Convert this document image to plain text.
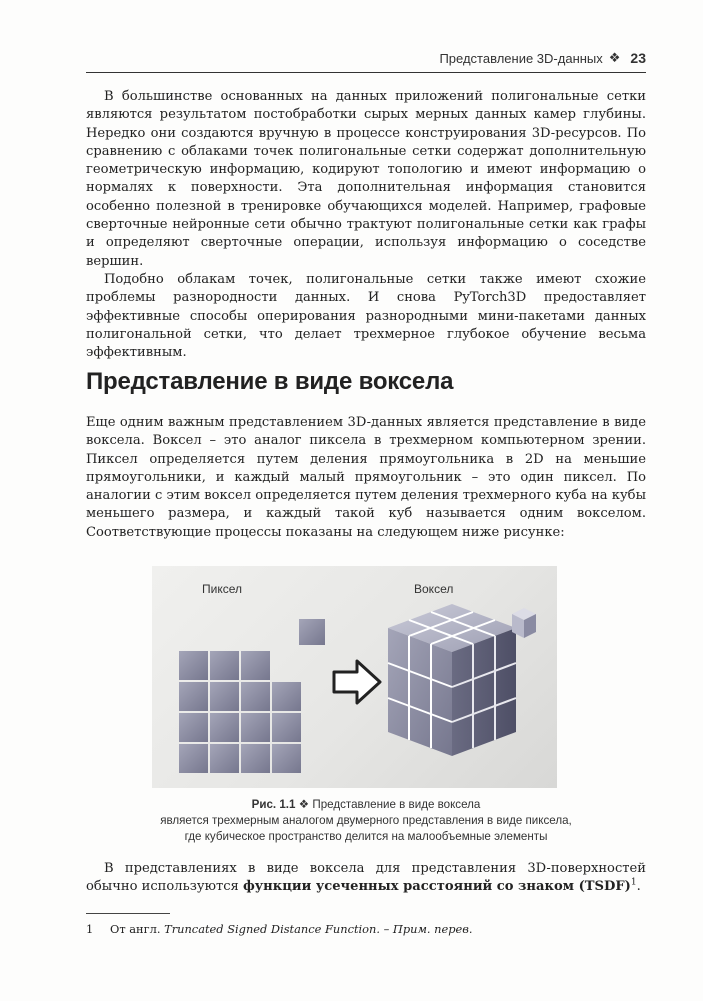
Представление 3D-данных ❖ 23

В большинстве основанных на данных приложений полигональные сетки являются результатом постобработки сырых мерных данных камер глубины. Нередко они создаются вручную в процессе конструирования 3D-ресурсов. По сравнению с облаками точек полигональные сетки содержат дополнительную геометрическую информацию, кодируют топологию и имеют информацию о нормалях к поверхности. Эта дополнительная информация становится особенно полезной в тренировке обучающихся моделей. Например, графовые сверточные нейронные сети обычно трактуют полигональные сетки как графы и определяют сверточные операции, используя информацию о соседстве вершин.

Подобно облакам точек, полигональные сетки также имеют схожие проблемы разнородности данных. И снова PyTorch3D предоставляет эффективные способы оперирования разнородными мини-пакетами данных полигональной сетки, что делает трехмерное глубокое обучение весьма эффективным.

Представление в виде воксела

Еще одним важным представлением 3D-данных является представление в виде воксела. Воксел – это аналог пиксела в трехмерном компьютерном зрении. Пиксел определяется путем деления прямоугольника в 2D на меньшие прямоугольники, и каждый малый прямоугольник – это один пиксел. По аналогии с этим воксел определяется путем деления трехмерного куба на кубы меньшего размера, и каждый такой куб называется одним вокселом. Соответствующие процессы показаны на следующем ниже рисунке:

Пиксел	Воксел
Рис. 1.1 ❖ Представление в виде воксела
является трехмерным аналогом двумерного представления в виде пиксела,
где кубическое пространство делится на малообъемные элементы

В представлениях в виде воксела для представления 3D-поверхностей обычно используются функции усеченных расстояний со знаком (TSDF)$^1$.

1 От англ. Truncated Signed Distance Function. – Прим. перев.
